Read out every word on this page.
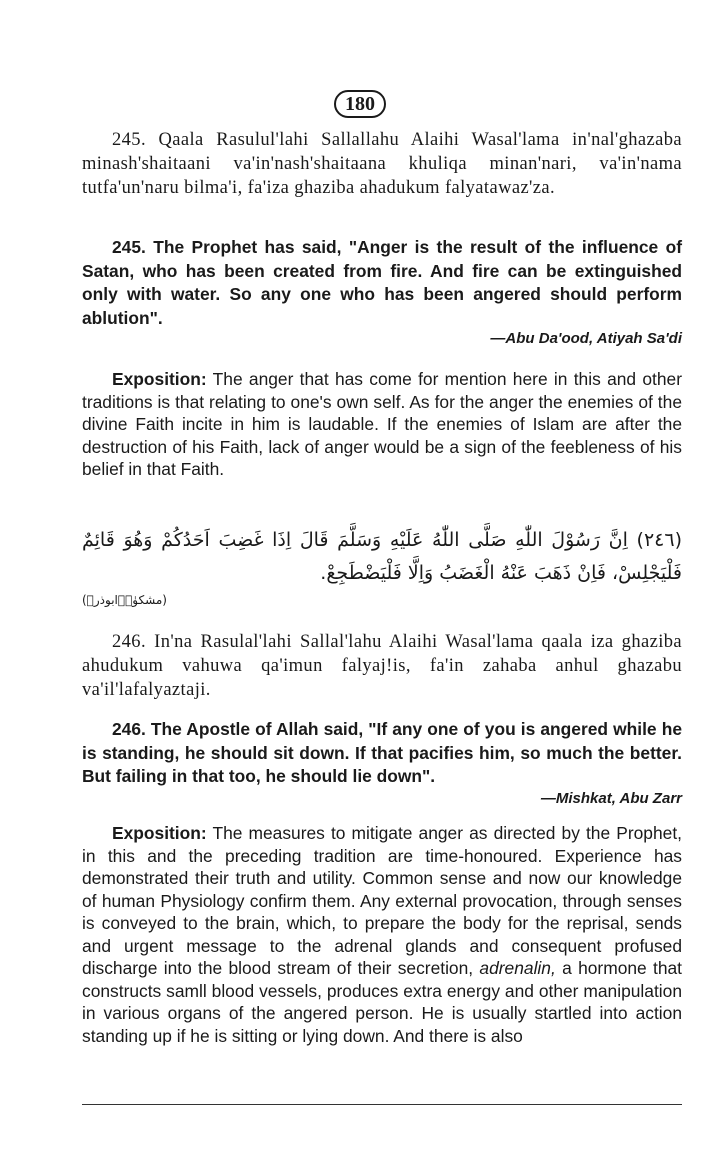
180
245. Qaala Rasulul'lahi Sallallahu Alaihi Wasal'lama in'nal'ghazaba minash'shaitaani va'in'nash'shaitaana khuliqa minan'nari, va'in'nama tutfa'un'naru bilma'i, fa'iza ghaziba ahadukum falyatawaz'za.
245. The Prophet has said, "Anger is the result of the influence of Satan, who has been created from fire. And fire can be extinguished only with water. So any one who has been angered should perform ablution".
—Abu Da'ood, Atiyah Sa'di
Exposition: The anger that has come for mention here in this and other traditions is that relating to one's own self. As for the anger the enemies of the divine Faith incite in him is laudable. If the enemies of Islam are after the destruction of his Faith, lack of anger would be a sign of the feebleness of his belief in that Faith.
(٢٤٦) اِنَّ رَسُوْلَ اللّٰهِ صَلَّى اللّٰهُ عَلَيْهِ وَسَلَّمَ قَالَ اِذَا غَضِبَ اَحَدُكُمْ وَهُوَ قَائِمٌ فَلْيَجْلِسْ، فَاِنْ ذَهَبَ عَنْهُ الْغَضَبُ وَاِلَّا فَلْيَضْطَجِعْ.
(مشکوٰۃ۔ابوذرؓ)
246. In'na Rasulal'lahi Sallal'lahu Alaihi Wasal'lama qaala iza ghaziba ahudukum vahuwa qa'imun falyaj!is, fa'in zahaba anhul ghazabu va'il'lafalyaztaji.
246. The Apostle of Allah said, "If any one of you is angered while he is standing, he should sit down. If that pacifies him, so much the better. But failing in that too, he should lie down".
—Mishkat, Abu Zarr
Exposition: The measures to mitigate anger as directed by the Prophet, in this and the preceding tradition are time-honoured. Experience has demonstrated their truth and utility. Common sense and now our knowledge of human Physiology confirm them. Any external provocation, through senses is conveyed to the brain, which, to prepare the body for the reprisal, sends and urgent message to the adrenal glands and consequent profused discharge into the blood stream of their secretion, adrenalin, a hormone that constructs samll blood vessels, produces extra energy and other manipulation in various organs of the angered person. He is usually startled into action standing up if he is sitting or lying down. And there is also
